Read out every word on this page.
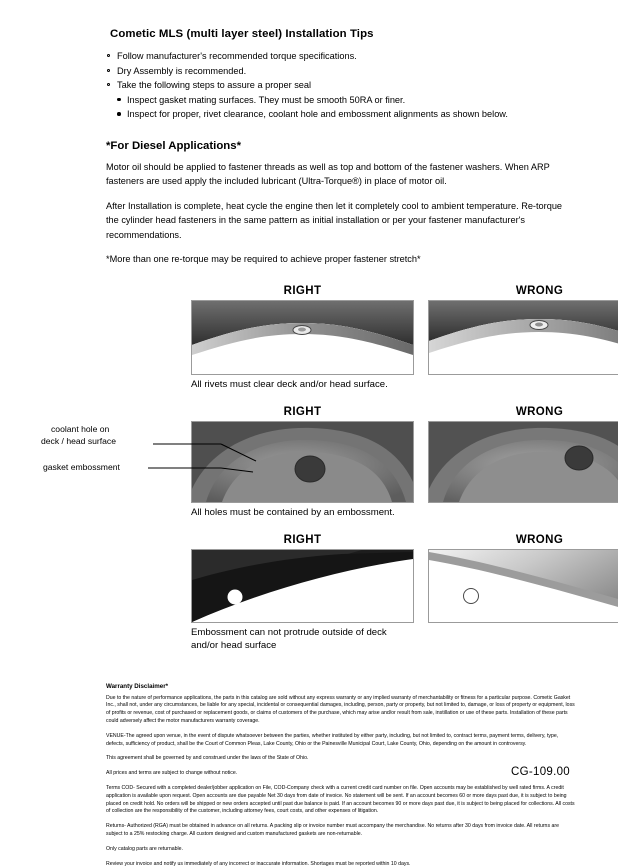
Cometic MLS (multi layer steel) Installation Tips
Follow manufacturer's recommended torque specifications.
Dry Assembly is recommended.
Take the following steps to assure a proper seal
Inspect gasket mating surfaces. They must be smooth 50RA or finer.
Inspect for proper, rivet clearance, coolant hole and embossment alignments as shown below.
*For Diesel Applications*

Motor oil should be applied to fastener threads as well as top and bottom of the fastener washers. When ARP fasteners are used apply the included lubricant (Ultra-Torque®) in place of motor oil.

After Installation is complete, heat cycle the engine then let it completely cool to ambient temperature. Re-torque the cylinder head fasteners in the same pattern as initial installation or per your fastener manufacturer's recommendations.

*More than one re-torque may be required to achieve proper fastener stretch*

RIGHT	WRONG
All rivets must clear deck and/or head surface.
RIGHT	WRONG
All holes must be contained by an embossment.
coolant hole on
deck / head surface
gasket embossment
RIGHT	WRONG
Embossment can not protrude outside of deck
and/or head surface
Warranty Disclaimer*

Due to the nature of performance applications, the parts in this catalog are sold without any express warranty or any implied warranty of merchantability or fitness for a particular purpose. Cometic Gasket Inc., shall not, under any circumstances, be liable for any special, incidental or consequential damages, including, person, party or property, but not limited to, damage, or loss of property or equipment, loss of profits or revenue, cost of purchased or replacement goods, or claims of customers of the purchase, which may arise and/or result from sale, instillation or use of these parts. Installation of these parts could adversely affect the motor manufacturers warranty coverage.

VENUE-The agreed upon venue, in the event of dispute whatsoever between the parties, whether instituted by either party, including, but not limited to, contract terms, payment terms, delivery, type, defects, sufficiency of product, shall be the Court of Common Pleas, Lake County, Ohio or the Painesville Municipal Court, Lake County, Ohio, depending on the amount in controversy.

This agreement shall be governed by and construed under the laws of the State of Ohio.

All prices and terms are subject to change without notice.

Terms COD- Secured with a completed dealer/jobber application on File, COD-Company check with a current credit card number on file. Open accounts may be established by well rated firms. A credit application is available upon request. Open accounts are due payable Net 30 days from date of invoice. No statement will be sent. If an account becomes 60 or more days past due, it is subject to being placed on credit hold. No orders will be shipped or new orders accepted until past due balance is paid. If an account becomes 90 or more days past due, it is subject to being placed for collections. All costs of collection are the responsibility of the customer, including attorney fees, court costs, and other expenses of litigation.

Returns- Authorized (RGA) must be obtained in advance on all returns. A packing slip or invoice number must accompany the merchandise. No returns after 30 days from invoice date. All returns are subject to a 25% restocking charge. All custom designed and custom manufactured gaskets are non-returnable.

Only catalog parts are returnable.

Review your invoice and notify us immediately of any incorrect or inaccurate information. Shortages must be reported within 10 days.

CG-109.00
